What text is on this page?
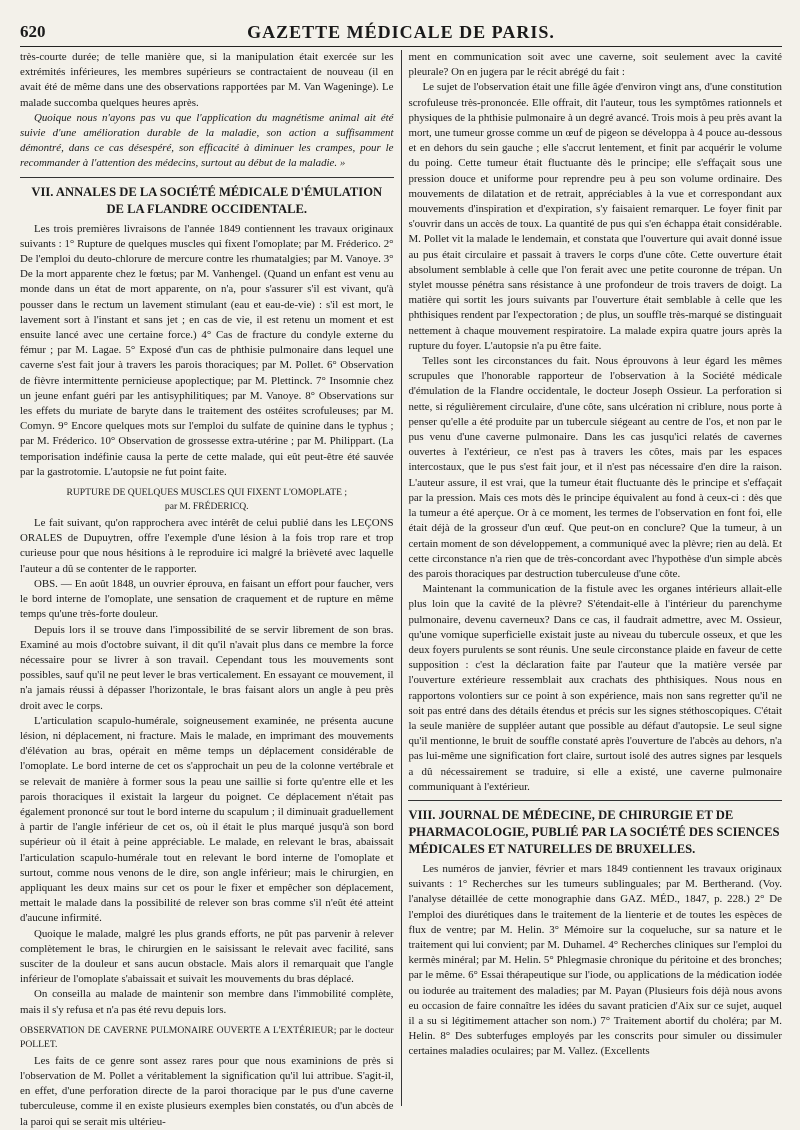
620	GAZETTE MÉDICALE DE PARIS.

très-courte durée; de telle manière que, si la manipulation était exercée sur les extrémités inférieures, les membres supérieurs se contractaient de nouveau (il en avait été de même dans une des observations rapportées par M. Van Wageninge). Le malade succomba quelques heures après.

Quoique nous n'ayons pas vu que l'application du magnétisme animal ait été suivie d'une amélioration durable de la maladie, son action a suffisamment démontré, dans ce cas désespéré, son efficacité à diminuer les crampes, pour le recommander à l'attention des médecins, surtout au début de la maladie. »

VII. ANNALES DE LA SOCIÉTÉ MÉDICALE D'ÉMULATION
DE LA FLANDRE OCCIDENTALE.

Les trois premières livraisons de l'année 1849 contiennent les travaux originaux suivants : 1° Rupture de quelques muscles qui fixent l'omoplate; par M. Fréderico. 2° De l'emploi du deuto-chlorure de mercure contre les rhumatalgies; par M. Vanoye. 3° De la mort apparente chez le fœtus; par M. Vanhengel. (Quand un enfant est venu au monde dans un état de mort apparente, on n'a, pour s'assurer s'il est vivant, qu'à pousser dans le rectum un lavement stimulant (eau et eau-de-vie) : s'il est mort, le lavement sort à l'instant et sans jet ; en cas de vie, il est retenu un moment et est ensuite lancé avec une certaine force.) 4° Cas de fracture du condyle externe du fémur ; par M. Lagae. 5° Exposé d'un cas de phthisie pulmonaire dans lequel une caverne s'est fait jour à travers les parois thoraciques; par M. Pollet. 6° Observation de fièvre intermittente pernicieuse apoplectique; par M. Plettinck. 7° Insomnie chez un jeune enfant guéri par les antisyphilitiques; par M. Vanoye. 8° Observations sur les effets du muriate de baryte dans le traitement des ostéites scrofuleuses; par M. Comyn. 9° Encore quelques mots sur l'emploi du sulfate de quinine dans le typhus ; par M. Fréderico. 10° Observation de grossesse extra-utérine ; par M. Philippart. (La temporisation indéfinie causa la perte de cette malade, qui eût peut-être été sauvée par la gastrotomie. L'autopsie ne fut point faite.

RUPTURE DE QUELQUES MUSCLES QUI FIXENT L'OMOPLATE ;
par M. FRÉDERICQ.

Le fait suivant, qu'on rapprochera avec intérêt de celui publié dans les LEÇONS ORALES de Dupuytren, offre l'exemple d'une lésion à la fois trop rare et trop curieuse pour que nous hésitions à le reproduire ici malgré la brièveté avec laquelle l'auteur a dû se contenter de le rapporter.

OBS. — En août 1848, un ouvrier éprouva, en faisant un effort pour faucher, vers le bord interne de l'omoplate, une sensation de craquement et de rupture en même temps qu'une très-forte douleur.

Depuis lors il se trouve dans l'impossibilité de se servir librement de son bras. Examiné au mois d'octobre suivant, il dit qu'il n'avait plus dans ce membre la force nécessaire pour se livrer à son travail. Cependant tous les mouvements sont possibles, sauf qu'il ne peut lever le bras verticalement. En essayant ce mouvement, il n'a jamais réussi à dépasser l'horizontale, le bras faisant alors un angle à peu près droit avec le corps.

L'articulation scapulo-humérale, soigneusement examinée, ne présenta aucune lésion, ni déplacement, ni fracture. Mais le malade, en imprimant des mouvements d'élévation au bras, opérait en même temps un déplacement considérable de l'omoplate. Le bord interne de cet os s'approchait un peu de la colonne vertébrale et se relevait de manière à former sous la peau une saillie si forte qu'entre elle et les parois thoraciques il existait la largeur du poignet. Ce déplacement n'était pas également prononcé sur tout le bord interne du scapulum ; il diminuait graduellement à partir de l'angle inférieur de cet os, où il était le plus marqué jusqu'à son bord supérieur où il était à peine appréciable. Le malade, en relevant le bras, abaissait l'articulation scapulo-humérale tout en relevant le bord interne de l'omoplate et surtout, comme nous venons de le dire, son angle inférieur; mais le chirurgien, en appliquant les deux mains sur cet os pour le fixer et empêcher son déplacement, mettait le malade dans la possibilité de relever son bras comme s'il n'eût été atteint d'aucune infirmité.

Quoique le malade, malgré les plus grands efforts, ne pût pas parvenir à relever complètement le bras, le chirurgien en le saisissant le relevait avec facilité, sans susciter de la douleur et sans aucun obstacle. Mais alors il remarquait que l'angle inférieur de l'omoplate s'abaissait et suivait les mouvements du bras déplacé.

On conseilla au malade de maintenir son membre dans l'immobilité complète, mais il s'y refusa et n'a pas été revu depuis lors.

OBSERVATION DE CAVERNE PULMONAIRE OUVERTE A L'EXTÉRIEUR; par le docteur POLLET.

Les faits de ce genre sont assez rares pour que nous examinions de près si l'observation de M. Pollet a véritablement la signification qu'il lui attribue. S'agit-il, en effet, d'une perforation directe de la paroi thoracique par le pus d'une caverne tuberculeuse, comme il en existe plusieurs exemples bien constatés, ou d'un abcès de la paroi qui se serait mis ultérieu-

ment en communication soit avec une caverne, soit seulement avec la cavité pleurale? On en jugera par le récit abrégé du fait :

Le sujet de l'observation était une fille âgée d'environ vingt ans, d'une constitution scrofuleuse très-prononcée. Elle offrait, dit l'auteur, tous les symptômes rationnels et physiques de la phthisie pulmonaire à un degré avancé. Trois mois à peu près avant la mort, une tumeur grosse comme un œuf de pigeon se développa à 4 pouce au-dessous et en dehors du sein gauche ; elle s'accrut lentement, et finit par acquérir le volume du poing. Cette tumeur était fluctuante dès le principe; elle s'effaçait sous une pression douce et uniforme pour reprendre peu à peu son volume ordinaire. Des mouvements de dilatation et de retrait, appréciables à la vue et correspondant aux mouvements d'inspiration et d'expiration, s'y faisaient remarquer. Le foyer finit par s'ouvrir dans un accès de toux. La quantité de pus qui s'en échappa était considérable. M. Pollet vit la malade le lendemain, et constata que l'ouverture qui avait donné issue au pus était circulaire et passait à travers le corps d'une côte. Cette ouverture était absolument semblable à celle que l'on ferait avec une petite couronne de trépan. Un stylet mousse pénétra sans résistance à une profondeur de trois travers de doigt. La matière qui sortit les jours suivants par l'ouverture était semblable à celle que les phthisiques rendent par l'expectoration ; de plus, un souffle très-marqué se distinguait nettement à chaque mouvement respiratoire. La malade expira quatre jours après la rupture du foyer. L'autopsie n'a pu être faite.

Telles sont les circonstances du fait. Nous éprouvons à leur égard les mêmes scrupules que l'honorable rapporteur de l'observation à la Société médicale d'émulation de la Flandre occidentale, le docteur Joseph Ossieur. La perforation si nette, si régulièrement circulaire, d'une côte, sans ulcération ni criblure, nous porte à penser qu'elle a été produite par un tubercule siégeant au centre de l'os, et non par le pus venu d'une caverne pulmonaire. Dans les cas jusqu'ici relatés de cavernes ouvertes à l'extérieur, ce n'est pas à travers les côtes, mais par les espaces intercostaux, que le pus s'est fait jour, et il n'est pas nécessaire d'en dire la raison. L'auteur assure, il est vrai, que la tumeur était fluctuante dès le principe et s'effaçait par la pression. Mais ces mots dès le principe équivalent au fond à ceux-ci : dès que la tumeur a été aperçue. Or à ce moment, les termes de l'observation en font foi, elle était déjà de la grosseur d'un œuf. Que peut-on en conclure? Que la tumeur, à un certain moment de son développement, a communiqué avec la plèvre; rien au delà. Et cette circonstance n'a rien que de très-concordant avec l'hypothèse d'un simple abcès des parois thoraciques par destruction tuberculeuse d'une côte.

Maintenant la communication de la fistule avec les organes intérieurs allait-elle plus loin que la cavité de la plèvre? S'étendait-elle à l'intérieur du parenchyme pulmonaire, devenu caverneux? Dans ce cas, il faudrait admettre, avec M. Ossieur, qu'une vomique superficielle existait juste au niveau du tubercule osseux, et que les deux foyers purulents se sont réunis. Une seule circonstance plaide en faveur de cette supposition : c'est la déclaration faite par l'auteur que la matière versée par l'ouverture extérieure ressemblait aux crachats des phthisiques. Nous nous en rapportons volontiers sur ce point à son expérience, mais non sans regretter qu'il ne soit pas entré dans des détails étendus et précis sur les signes stéthoscopiques. C'était la seule manière de suppléer autant que possible au défaut d'autopsie. Le seul signe qu'il mentionne, le bruit de souffle constaté après l'ouverture de l'abcès au dehors, n'a pas lui-même une signification fort claire, surtout isolé des autres signes par lesquels a dû nécessairement se traduire, si elle a existé, une caverne pulmonaire communiquant à l'extérieur.

VIII. JOURNAL DE MÉDECINE, DE CHIRURGIE ET DE PHARMACOLOGIE, PUBLIÉ PAR LA SOCIÉTÉ DES SCIENCES MÉDICALES ET NATURELLES DE BRUXELLES.

Les numéros de janvier, février et mars 1849 contiennent les travaux originaux suivants : 1° Recherches sur les tumeurs sublinguales; par M. Bertherand. (Voy. l'analyse détaillée de cette monographie dans GAZ. MÉD., 1847, p. 228.) 2° De l'emploi des diurétiques dans le traitement de la lienterie et de toutes les espèces de flux de ventre; par M. Helin. 3° Mémoire sur la coqueluche, sur sa nature et le traitement qui lui convient; par M. Duhamel. 4° Recherches cliniques sur l'emploi du kermès minéral; par M. Helin. 5° Phlegmasie chronique du péritoine et des bronches; par le même. 6° Essai thérapeutique sur l'iode, ou applications de la médication iodée ou iodurée au traitement des maladies; par M. Payan (Plusieurs fois déjà nous avons eu occasion de faire connaître les idées du savant praticien d'Aix sur ce sujet, auquel il a su si légitimement attacher son nom.) 7° Traitement abortif du choléra; par M. Helin. 8° Des subterfuges employés par les conscrits pour simuler ou dissimuler certaines maladies oculaires; par M. Vallez. (Excellents
